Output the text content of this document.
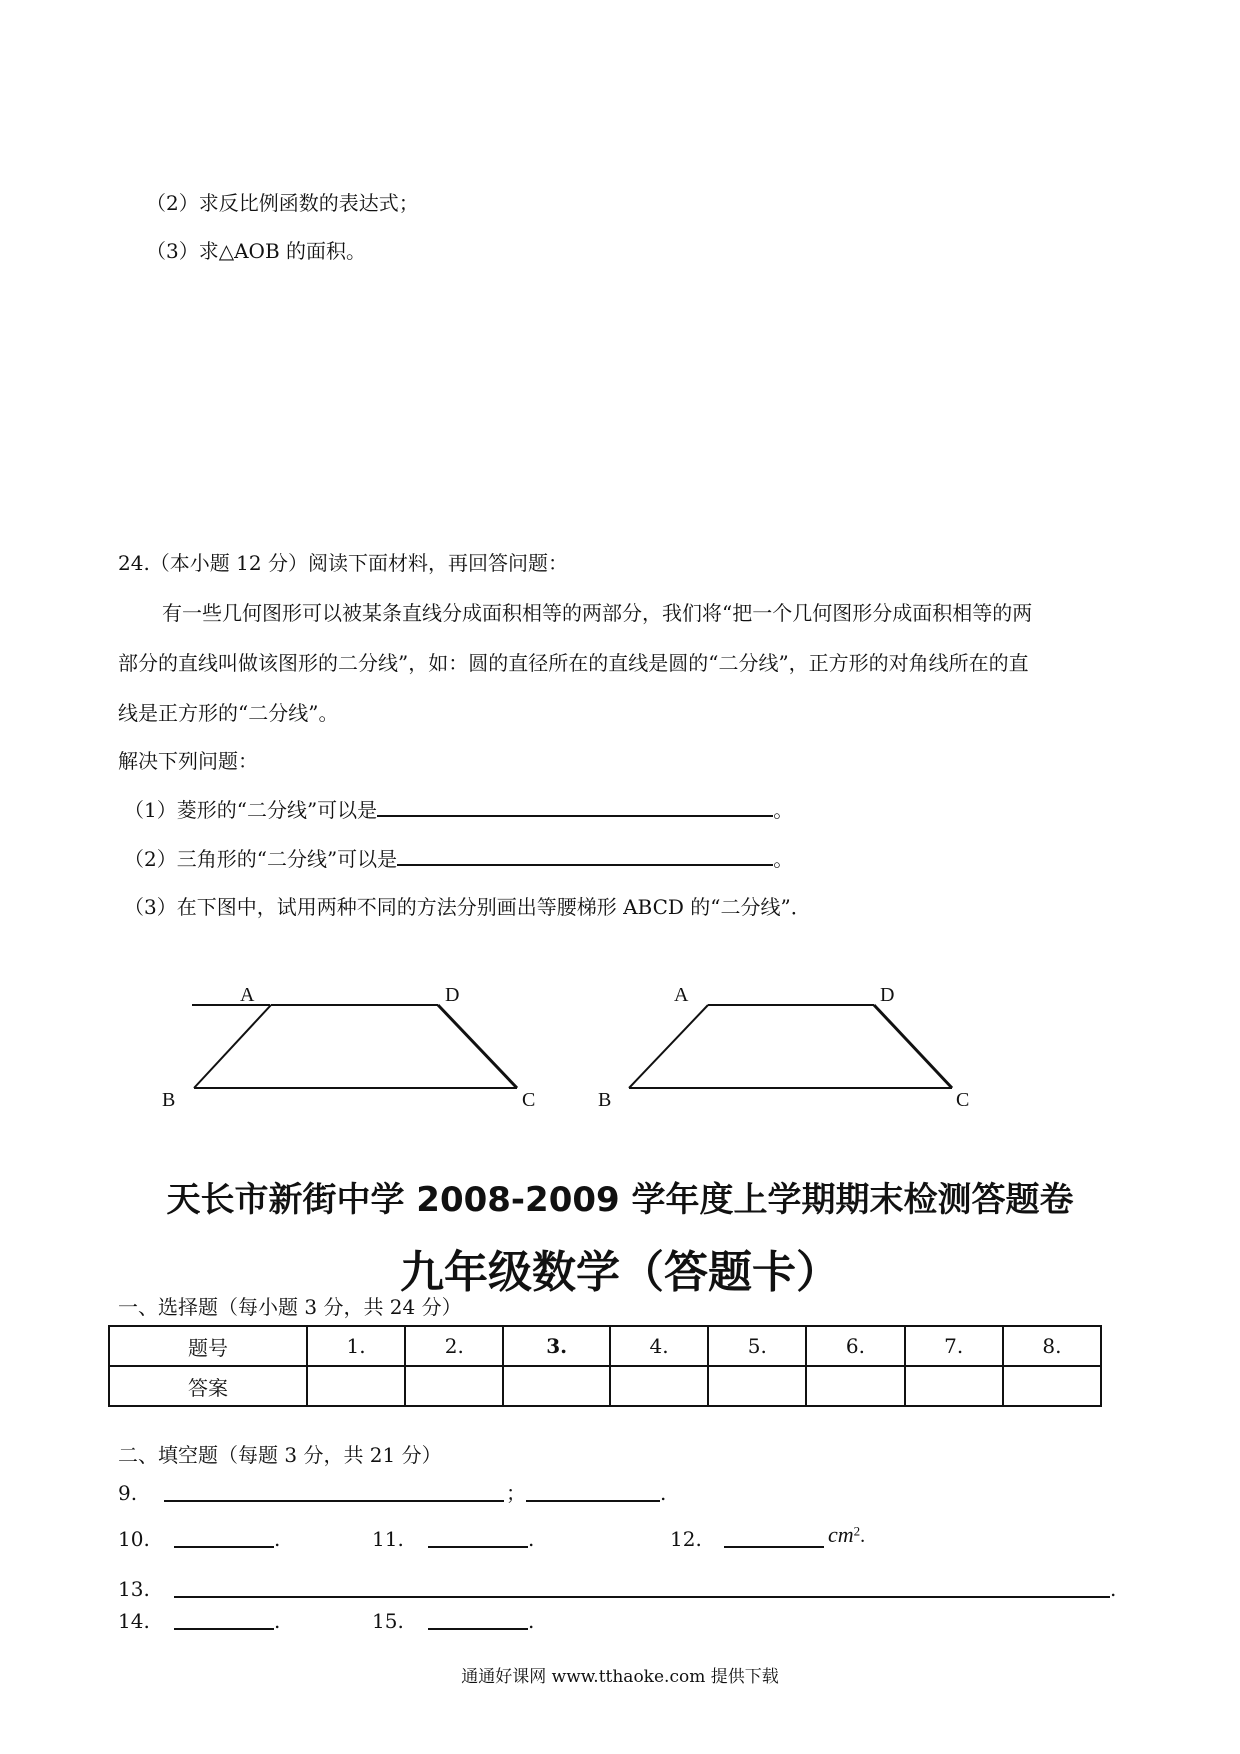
（2）求反比例函数的表达式；
（3）求△AOB 的面积。
24.（本小题 12 分）阅读下面材料，再回答问题：
有一些几何图形可以被某条直线分成面积相等的两部分，我们将“把一个几何图形分成面积相等的两
部分的直线叫做该图形的二分线”，如：圆的直径所在的直线是圆的“二分线”，正方形的对角线所在的直
线是正方形的“二分线”。
解决下列问题：
（1）菱形的“二分线”可以是	。
（2）三角形的“二分线”可以是	。
（3）在下图中，试用两种不同的方法分别画出等腰梯形 ABCD 的“二分线”．
A	D
B	C
A	D
B	C
天长市新街中学 2008-2009 学年度上学期期末检测答题卷
九年级数学（答题卡）
一、选择题（每小题 3 分，共 24 分）
题号	1.	2.	3.	4.	5.	6.	7.	8.
答案								
二、填空题（每题 3 分，共 21 分）
9.	；	.
10.	.	11.	.	12.	$cm^2$.
13.	.
14.	.	15.	.
通通好课网 www.tthaoke.com 提供下载
